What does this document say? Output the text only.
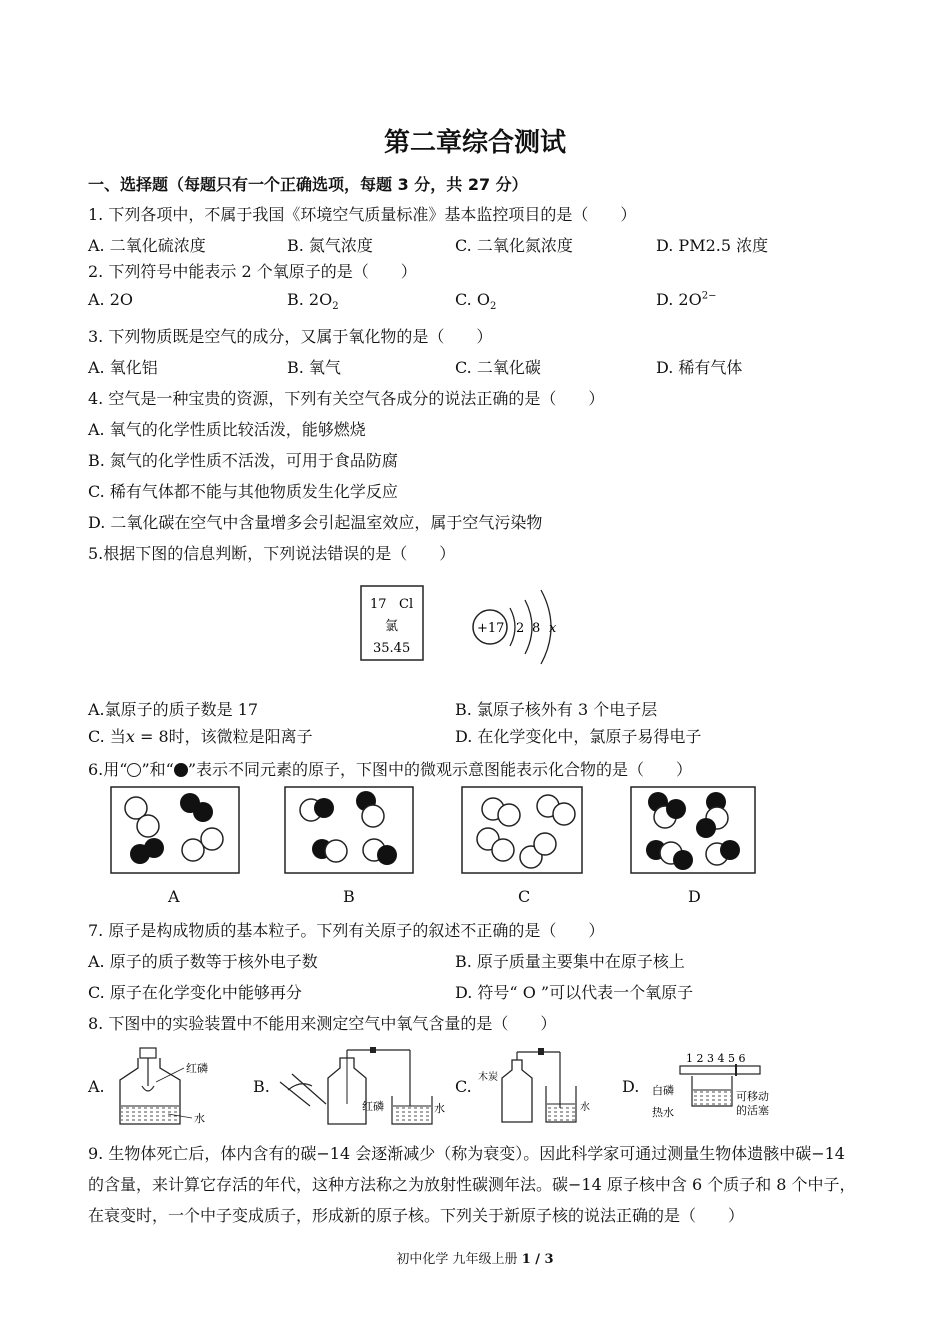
第二章综合测试
一、选择题（每题只有一个正确选项，每题 3 分，共 27 分）
1. 下列各项中，不属于我国《环境空气质量标准》基本监控项目的是（　　）
A. 二氧化硫浓度	B. 氮气浓度	C. 二氧化氮浓度	D. PM2.5 浓度
2. 下列符号中能表示 2 个氧原子的是（　　）
A. 2O	B. $2O_2$	C. $O_2$	D. $2O^{2-}$
3. 下列物质既是空气的成分，又属于氧化物的是（　　）
A. 氧化铝	B. 氧气	C. 二氧化碳	D. 稀有气体
4. 空气是一种宝贵的资源，下列有关空气各成分的说法正确的是（　　）
A. 氧气的化学性质比较活泼，能够燃烧
B. 氮气的化学性质不活泼，可用于食品防腐
C. 稀有气体都不能与其他物质发生化学反应
D. 二氧化碳在空气中含量增多会引起温室效应，属于空气污染物
5.根据下图的信息判断，下列说法错误的是（　　）
17 Cl
氯
35.45
+17 2 8 x
A.氯原子的质子数是 17	B. 氯原子核外有 3 个电子层
C. 当x = 8时，该微粒是阳离子	D. 在化学变化中，氯原子易得电子
6.用“ ”和“ ”表示不同元素的原子，下图中的微观示意图能表示化合物的是（　　）
A	B	C	D
7. 原子是构成物质的基本粒子。下列有关原子的叙述不正确的是（　　）
A. 原子的质子数等于核外电子数	B. 原子质量主要集中在原子核上
C. 原子在化学变化中能够再分	D. 符号“ O ”可以代表一个氧原子
8. 下图中的实验装置中不能用来测定空气中氧气含量的是（　　）
A.
红磷
水
B.
红磷	水
C. 木炭
水
D.
1 2 3 4 5 6
白磷
热水
可移动
的活塞
9. 生物体死亡后，体内含有的碳−14 会逐渐减少（称为衰变）。因此科学家可通过测量生物体遗骸中碳−14
的含量，来计算它存活的年代，这种方法称之为放射性碳测年法。碳−14 原子核中含 6 个质子和 8 个中子，
在衰变时，一个中子变成质子，形成新的原子核。下列关于新原子核的说法正确的是（　　）
初中化学 九年级上册 1 / 3
